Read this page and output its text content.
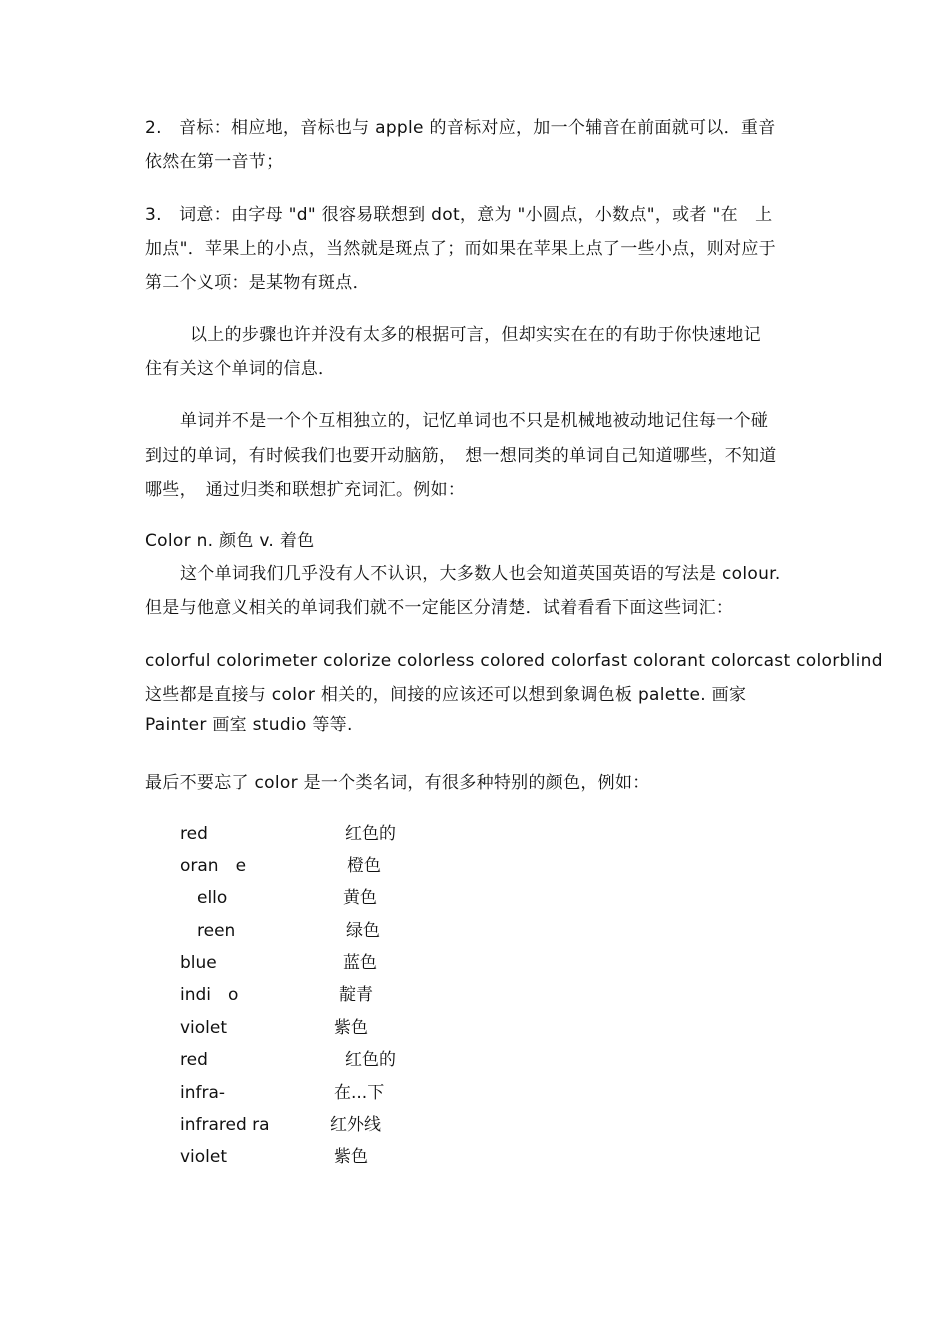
2.　音标：相应地，音标也与 apple 的音标对应，加一个辅音在前面就可以．重音
依然在第一音节；
3.　词意：由字母 "d" 很容易联想到 dot，意为 "小圆点，小数点"，或者 "在　上
加点"．苹果上的小点，当然就是斑点了；而如果在苹果上点了一些小点，则对应于
第二个义项：是某物有斑点．
以上的步骤也许并没有太多的根据可言，但却实实在在的有助于你快速地记
住有关这个单词的信息．
单词并不是一个个互相独立的，记忆单词也不只是机械地被动地记住每一个碰
到过的单词，有时候我们也要开动脑筋，　想一想同类的单词自己知道哪些，不知道
哪些，　通过归类和联想扩充词汇。例如：
Color n. 颜色 v. 着色
这个单词我们几乎没有人不认识，大多数人也会知道英国英语的写法是 colour.
但是与他意义相关的单词我们就不一定能区分清楚．试着看看下面这些词汇：
colorful colorimeter colorize colorless colored colorfast colorant colorcast colorblind
这些都是直接与 color 相关的，间接的应该还可以想到象调色板 palette. 画家
Painter 画室 studio 等等.
最后不要忘了 color 是一个类名词，有很多种特别的颜色，例如：
red	红色的
oran　e	橙色
　ello	黄色
　reen	绿色
blue	蓝色
indi　o	靛青
violet	紫色
red	红色的
infra-	在...下
infrared ra	红外线
violet	紫色
